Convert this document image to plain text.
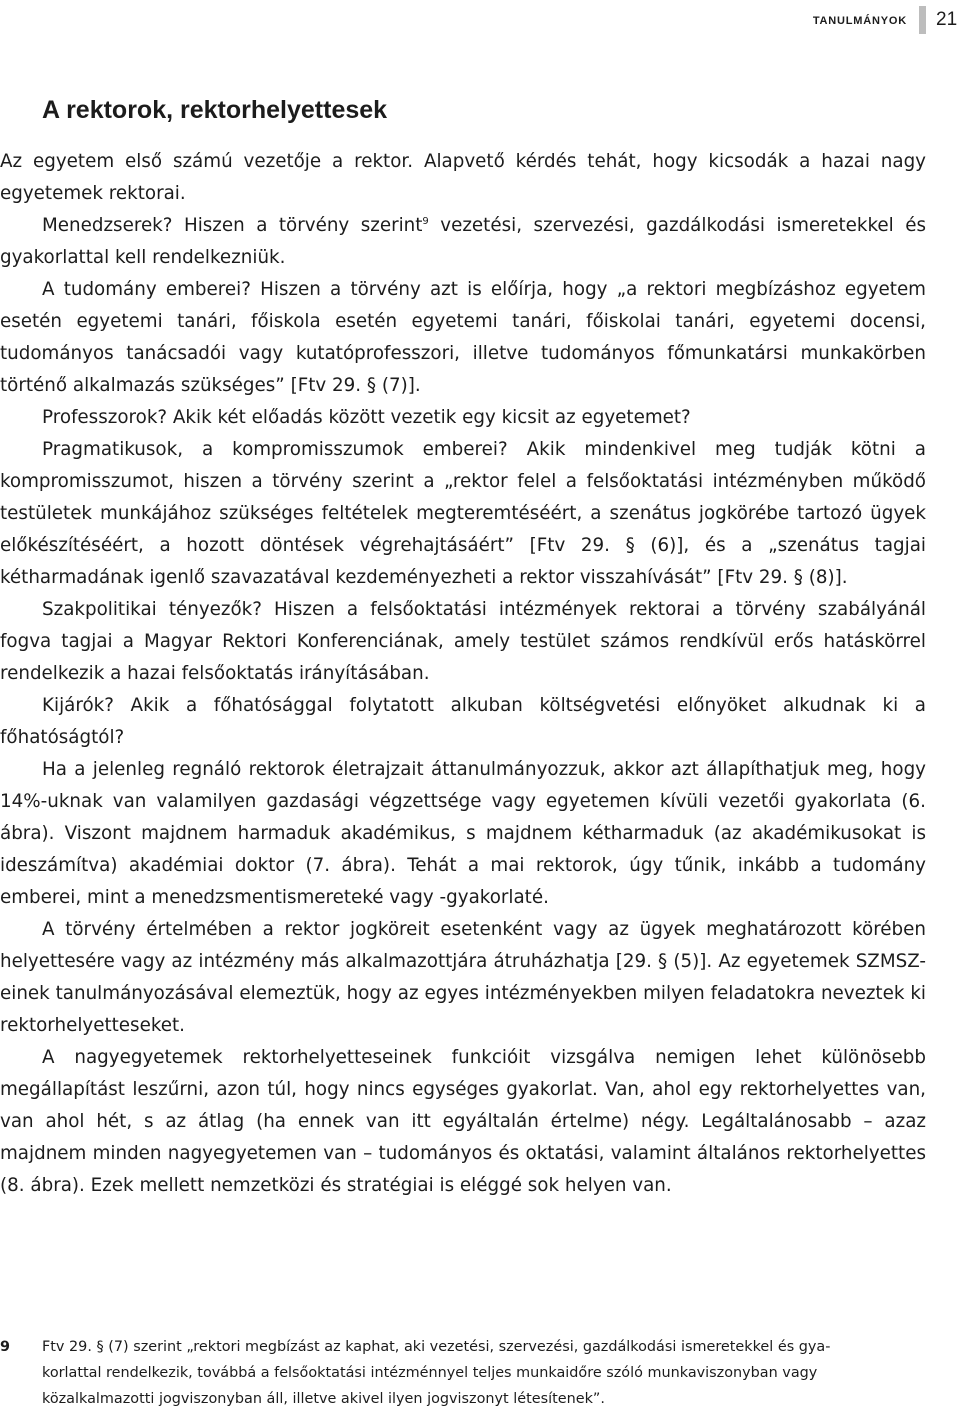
tanulmányok 21
A rektorok, rektorhelyettesek

Az egyetem első számú vezetője a rektor. Alapvető kérdés tehát, hogy kicsodák a hazai nagy egyetemek rektorai.

Menedzserek? Hiszen a törvény szerint$^9$ vezetési, szervezési, gazdálkodási ismeretekkel és gyakorlattal kell rendelkezniük.

A tudomány emberei? Hiszen a törvény azt is előírja, hogy „a rektori megbízáshoz egyetem esetén egyetemi tanári, főiskola esetén egyetemi tanári, főiskolai tanári, egyetemi docensi, tudományos tanácsadói vagy kutatóprofesszori, illetve tudományos főmunkatársi munkakörben történő alkalmazás szükséges” [Ftv 29. § (7)].

Professzorok? Akik két előadás között vezetik egy kicsit az egyetemet?

Pragmatikusok, a kompromisszumok emberei? Akik mindenkivel meg tudják kötni a kompromisszumot, hiszen a törvény szerint a „rektor felel a felsőoktatási intézményben működő testületek munkájához szükséges feltételek megteremtéséért, a szenátus jogkörébe tartozó ügyek előkészítéséért, a hozott döntések végrehajtásáért” [Ftv 29. § (6)], és a „szenátus tagjai kétharmadának igenlő szavazatával kezdeményezheti a rektor visszahívását” [Ftv 29. § (8)].

Szakpolitikai tényezők? Hiszen a felsőoktatási intézmények rektorai a törvény szabályánál fogva tagjai a Magyar Rektori Konferenciának, amely testület számos rendkívül erős hatáskörrel rendelkezik a hazai felsőoktatás irányításában.

Kijárók? Akik a főhatósággal folytatott alkuban költségvetési előnyöket alkudnak ki a főhatóságtól?

Ha a jelenleg regnáló rektorok életrajzait áttanulmányozzuk, akkor azt állapíthatjuk meg, hogy 14%-uknak van valamilyen gazdasági végzettsége vagy egyetemen kívüli vezetői gyakorlata (6. ábra). Viszont majdnem harmaduk akadémikus, s majdnem kétharmaduk (az akadémikusokat is ideszámítva) akadémiai doktor (7. ábra). Tehát a mai rektorok, úgy tűnik, inkább a tudomány emberei, mint a menedzsmentismereteké vagy -gyakorlaté.

A törvény értelmében a rektor jogköreit esetenként vagy az ügyek meghatározott körében helyettesére vagy az intézmény más alkalmazottjára átruházhatja [29. § (5)]. Az egyetemek SZMSZ-einek tanulmányozásával elemeztük, hogy az egyes intézményekben milyen feladatokra neveztek ki rektorhelyetteseket.

A nagyegyetemek rektorhelyetteseinek funkcióit vizsgálva nemigen lehet különösebb megállapítást leszűrni, azon túl, hogy nincs egységes gyakorlat. Van, ahol egy rektorhelyettes van, van ahol hét, s az átlag (ha ennek van itt egyáltalán értelme) négy. Legáltalánosabb – azaz majdnem minden nagyegyetemen van – tudományos és oktatási, valamint általános rektorhelyettes (8. ábra). Ezek mellett nemzetközi és stratégiai is eléggé sok helyen van.

9	Ftv 29. § (7) szerint „rektori megbízást az kaphat, aki vezetési, szervezési, gazdálkodási ismeretekkel és gya-
korlattal rendelkezik, továbbá a felsőoktatási intézménnyel teljes munkaidőre szóló munkaviszonyban vagy
közalkalmazotti jogviszonyban áll, illetve akivel ilyen jogviszonyt létesítenek”.
